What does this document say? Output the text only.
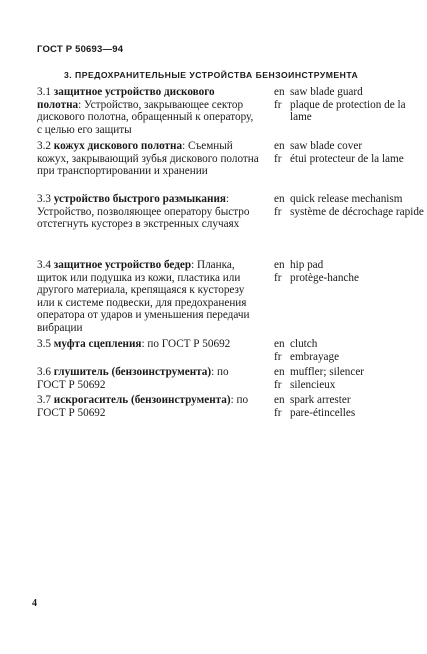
ГОСТ Р 50693—94
3. ПРЕДОХРАНИТЕЛЬНЫЕ УСТРОЙСТВА БЕНЗОИНСТРУМЕНТА
3.1 защитное устройство дискового полотна: Устройство, закрывающее сектор дискового полотна, обращенный к оператору, с целью его защиты
en saw blade guard
fr plaque de protection de la lame
3.2 кожух дискового полотна: Съемный кожух, закрывающий зубья дискового полотна при транспортировании и хранении
en saw blade cover
fr étui protecteur de la lame
3.3 устройство быстрого размыкания: Устройство, позволяющее оператору быстро отстегнуть кусторез в экстренных случаях
en quick release mechanism
fr système de décrochage rapide
3.4 защитное устройство бедер: Планка, щиток или подушка из кожи, пластика или другого материала, крепящаяся к кусторезу или к системе подвески, для предохранения оператора от ударов и уменьшения передачи вибрации
en hip pad
fr protège-hanche
3.5 муфта сцепления: по ГОСТ Р 50692	en clutch
fr embrayage
3.6 глушитель (бензоинструмента): по ГОСТ Р 50692
en muffler; silencer
fr silencieux
3.7 искрогаситель (бензоинструмента): по ГОСТ Р 50692
en spark arrester
fr pare-étincelles
4
